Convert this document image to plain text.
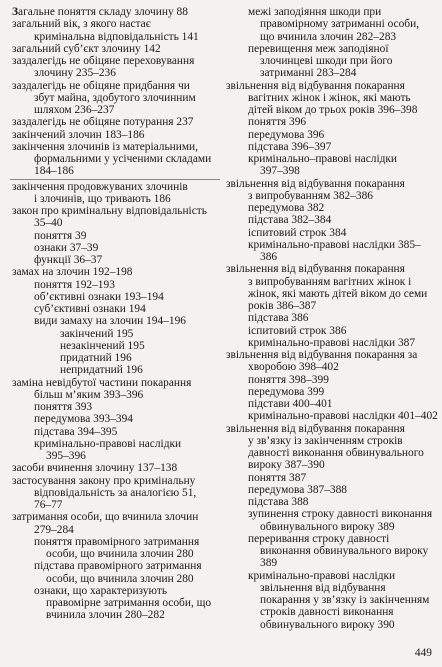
Загальне поняття складу злочину 88
загальний вік, з якого настає
кримінальна відповідальність 141
загальний суб’єкт злочину 142
заздалегідь не обіцяне переховування
злочину 235–236
заздалегідь не обіцяне придбання чи
збут майна, здобутого злочинним
шляхом 236–237
заздалегідь не обіцяне потурання 237
закінчений злочин 183–186
закінчення злочинів із матеріальними,
формальними у усіченими складами
184–186
закінчення продовжуваних злочинів
і злочинів, що тривають 186
закон про кримінальну відповідальність
35–40
поняття 39
ознаки 37–39
функції 36–37
замах на злочин 192–198
поняття 192–193
об’єктивні ознаки 193–194
суб’єктивні ознаки 194
види замаху на злочин 194–196
закінчений 195
незакінчений 195
придатний 196
непридатний 196
заміна невідбутої частини покарання
більш м’яким 393–396
поняття 393
передумова 393–394
підстава 394–395
кримінально-правові наслідки
395–396
засоби вчинення злочину 137–138
застосування закону про кримінальну
відповідальність за аналогією 51,
76–77
затримання особи, що вчинила злочин
279–284
поняття правомірного затримання
особи, що вчинила злочин 280
підстава правомірного затримання
особи, що вчинила злочин 280
ознаки, що характеризують
правомірне затримання особи, що
вчинила злочин 280–282
межі заподіяння шкоди при
правомірному затриманні особи,
що вчинила злочин 282–283
перевищення меж заподіяної
злочинцеві шкоди при його
затриманні 283–284
звільнення від відбування покарання
вагітних жінок і жінок, які мають
дітей віком до трьох років 396–398
поняття 396
передумова 396
підстава 396–397
кримінально–правові наслідки
397–398
звільнення від відбування покарання
з випробуванням 382–386
передумова 382
підстава 382–384
іспитовий строк 384
кримінально-правові наслідки 385–
386
звільнення від відбування покарання
з випробуванням вагітних жінок і
жінок, які мають дітей віком до семи
років 386–387
підстава 386
іспитовий строк 386
кримінально-правові наслідки 387
звільнення від відбування покарання за
хворобою 398–402
поняття 398–399
передумова 399
підстави 400–401
кримінально-правові наслідки 401–402
звільнення від відбування покарання
у зв’язку із закінченням строків
давності виконання обвинувального
вироку 387–390
поняття 387
передумова 387–388
підстава 388
зупинення строку давності виконання
обвинувального вироку 389
переривання строку давності
виконання обвинувального вироку
389
кримінально-правові наслідки
звільнення від відбування
покарання у зв’язку із закінченням
строків давності виконання
обвинувального вироку 390
449
